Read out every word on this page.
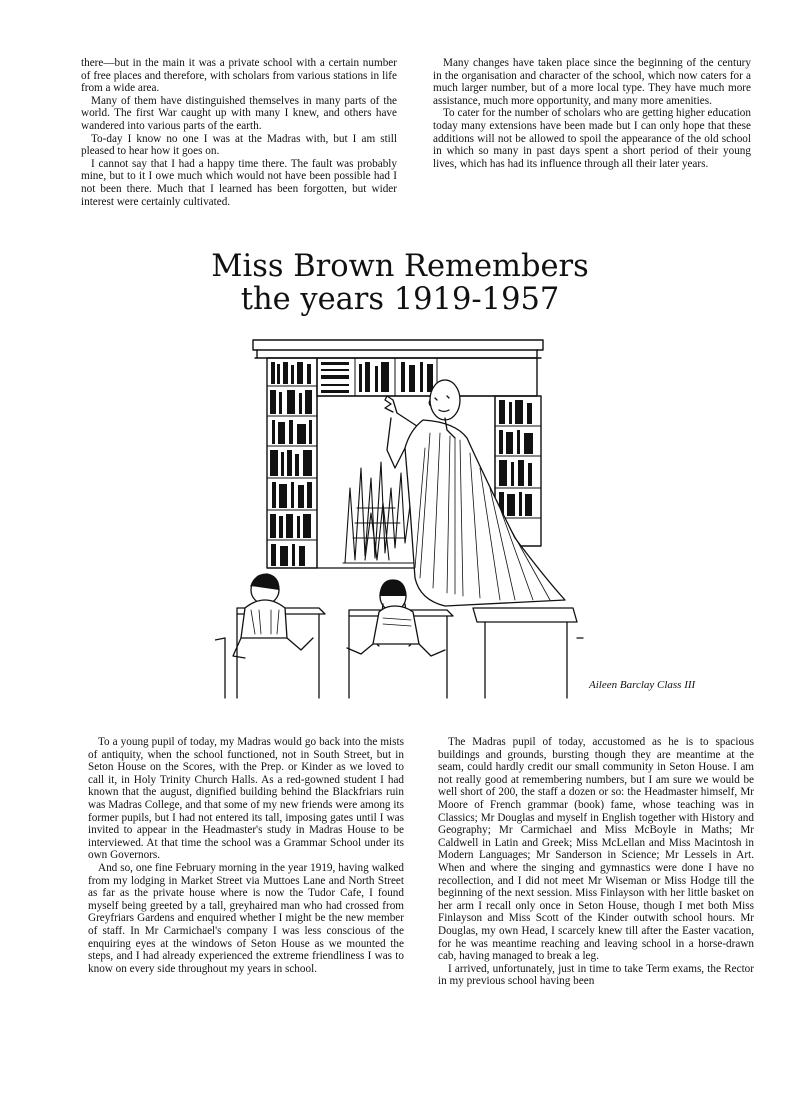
there—but in the main it was a private school with a certain number of free places and therefore, with scholars from various stations in life from a wide area.

Many of them have distinguished themselves in many parts of the world. The first War caught up with many I knew, and others have wandered into various parts of the earth.

To-day I know no one I was at the Madras with, but I am still pleased to hear how it goes on.

I cannot say that I had a happy time there. The fault was probably mine, but to it I owe much which would not have been possible had I not been there. Much that I learned has been forgotten, but wider interest were certainly cultivated.

Many changes have taken place since the beginning of the century in the organisation and character of the school, which now caters for a much larger number, but of a more local type. They have much more assistance, much more opportunity, and many more amenities.

To cater for the number of scholars who are getting higher education today many extensions have been made but I can only hope that these additions will not be allowed to spoil the appearance of the old school in which so many in past days spent a short period of their young lives, which has had its influence through all their later years.

Miss Brown Remembers
the years 1919-1957
Aileen Barclay Class III

To a young pupil of today, my Madras would go back into the mists of antiquity, when the school functioned, not in South Street, but in Seton House on the Scores, with the Prep. or Kinder as we loved to call it, in Holy Trinity Church Halls. As a red-gowned student I had known that the august, dignified building behind the Blackfriars ruin was Madras College, and that some of my new friends were among its former pupils, but I had not entered its tall, imposing gates until I was invited to appear in the Headmaster's study in Madras House to be interviewed. At that time the school was a Grammar School under its own Governors.

And so, one fine February morning in the year 1919, having walked from my lodging in Market Street via Muttoes Lane and North Street as far as the private house where is now the Tudor Cafe, I found myself being greeted by a tall, greyhaired man who had crossed from Greyfriars Gardens and enquired whether I might be the new member of staff. In Mr Carmichael's company I was less conscious of the enquiring eyes at the windows of Seton House as we mounted the steps, and I had already experienced the extreme friendliness I was to know on every side throughout my years in school.

The Madras pupil of today, accustomed as he is to spacious buildings and grounds, bursting though they are meantime at the seam, could hardly credit our small community in Seton House. I am not really good at remembering numbers, but I am sure we would be well short of 200, the staff a dozen or so: the Headmaster himself, Mr Moore of French grammar (book) fame, whose teaching was in Classics; Mr Douglas and myself in English together with History and Geography; Mr Carmichael and Miss McBoyle in Maths; Mr Caldwell in Latin and Greek; Miss McLellan and Miss Macintosh in Modern Languages; Mr Sanderson in Science; Mr Lessels in Art. When and where the singing and gymnastics were done I have no recollection, and I did not meet Mr Wiseman or Miss Hodge till the beginning of the next session. Miss Finlayson with her little basket on her arm I recall only once in Seton House, though I met both Miss Finlayson and Miss Scott of the Kinder outwith school hours. Mr Douglas, my own Head, I scarcely knew till after the Easter vacation, for he was meantime reaching and leaving school in a horse-drawn cab, having managed to break a leg.

I arrived, unfortunately, just in time to take Term exams, the Rector in my previous school having been
